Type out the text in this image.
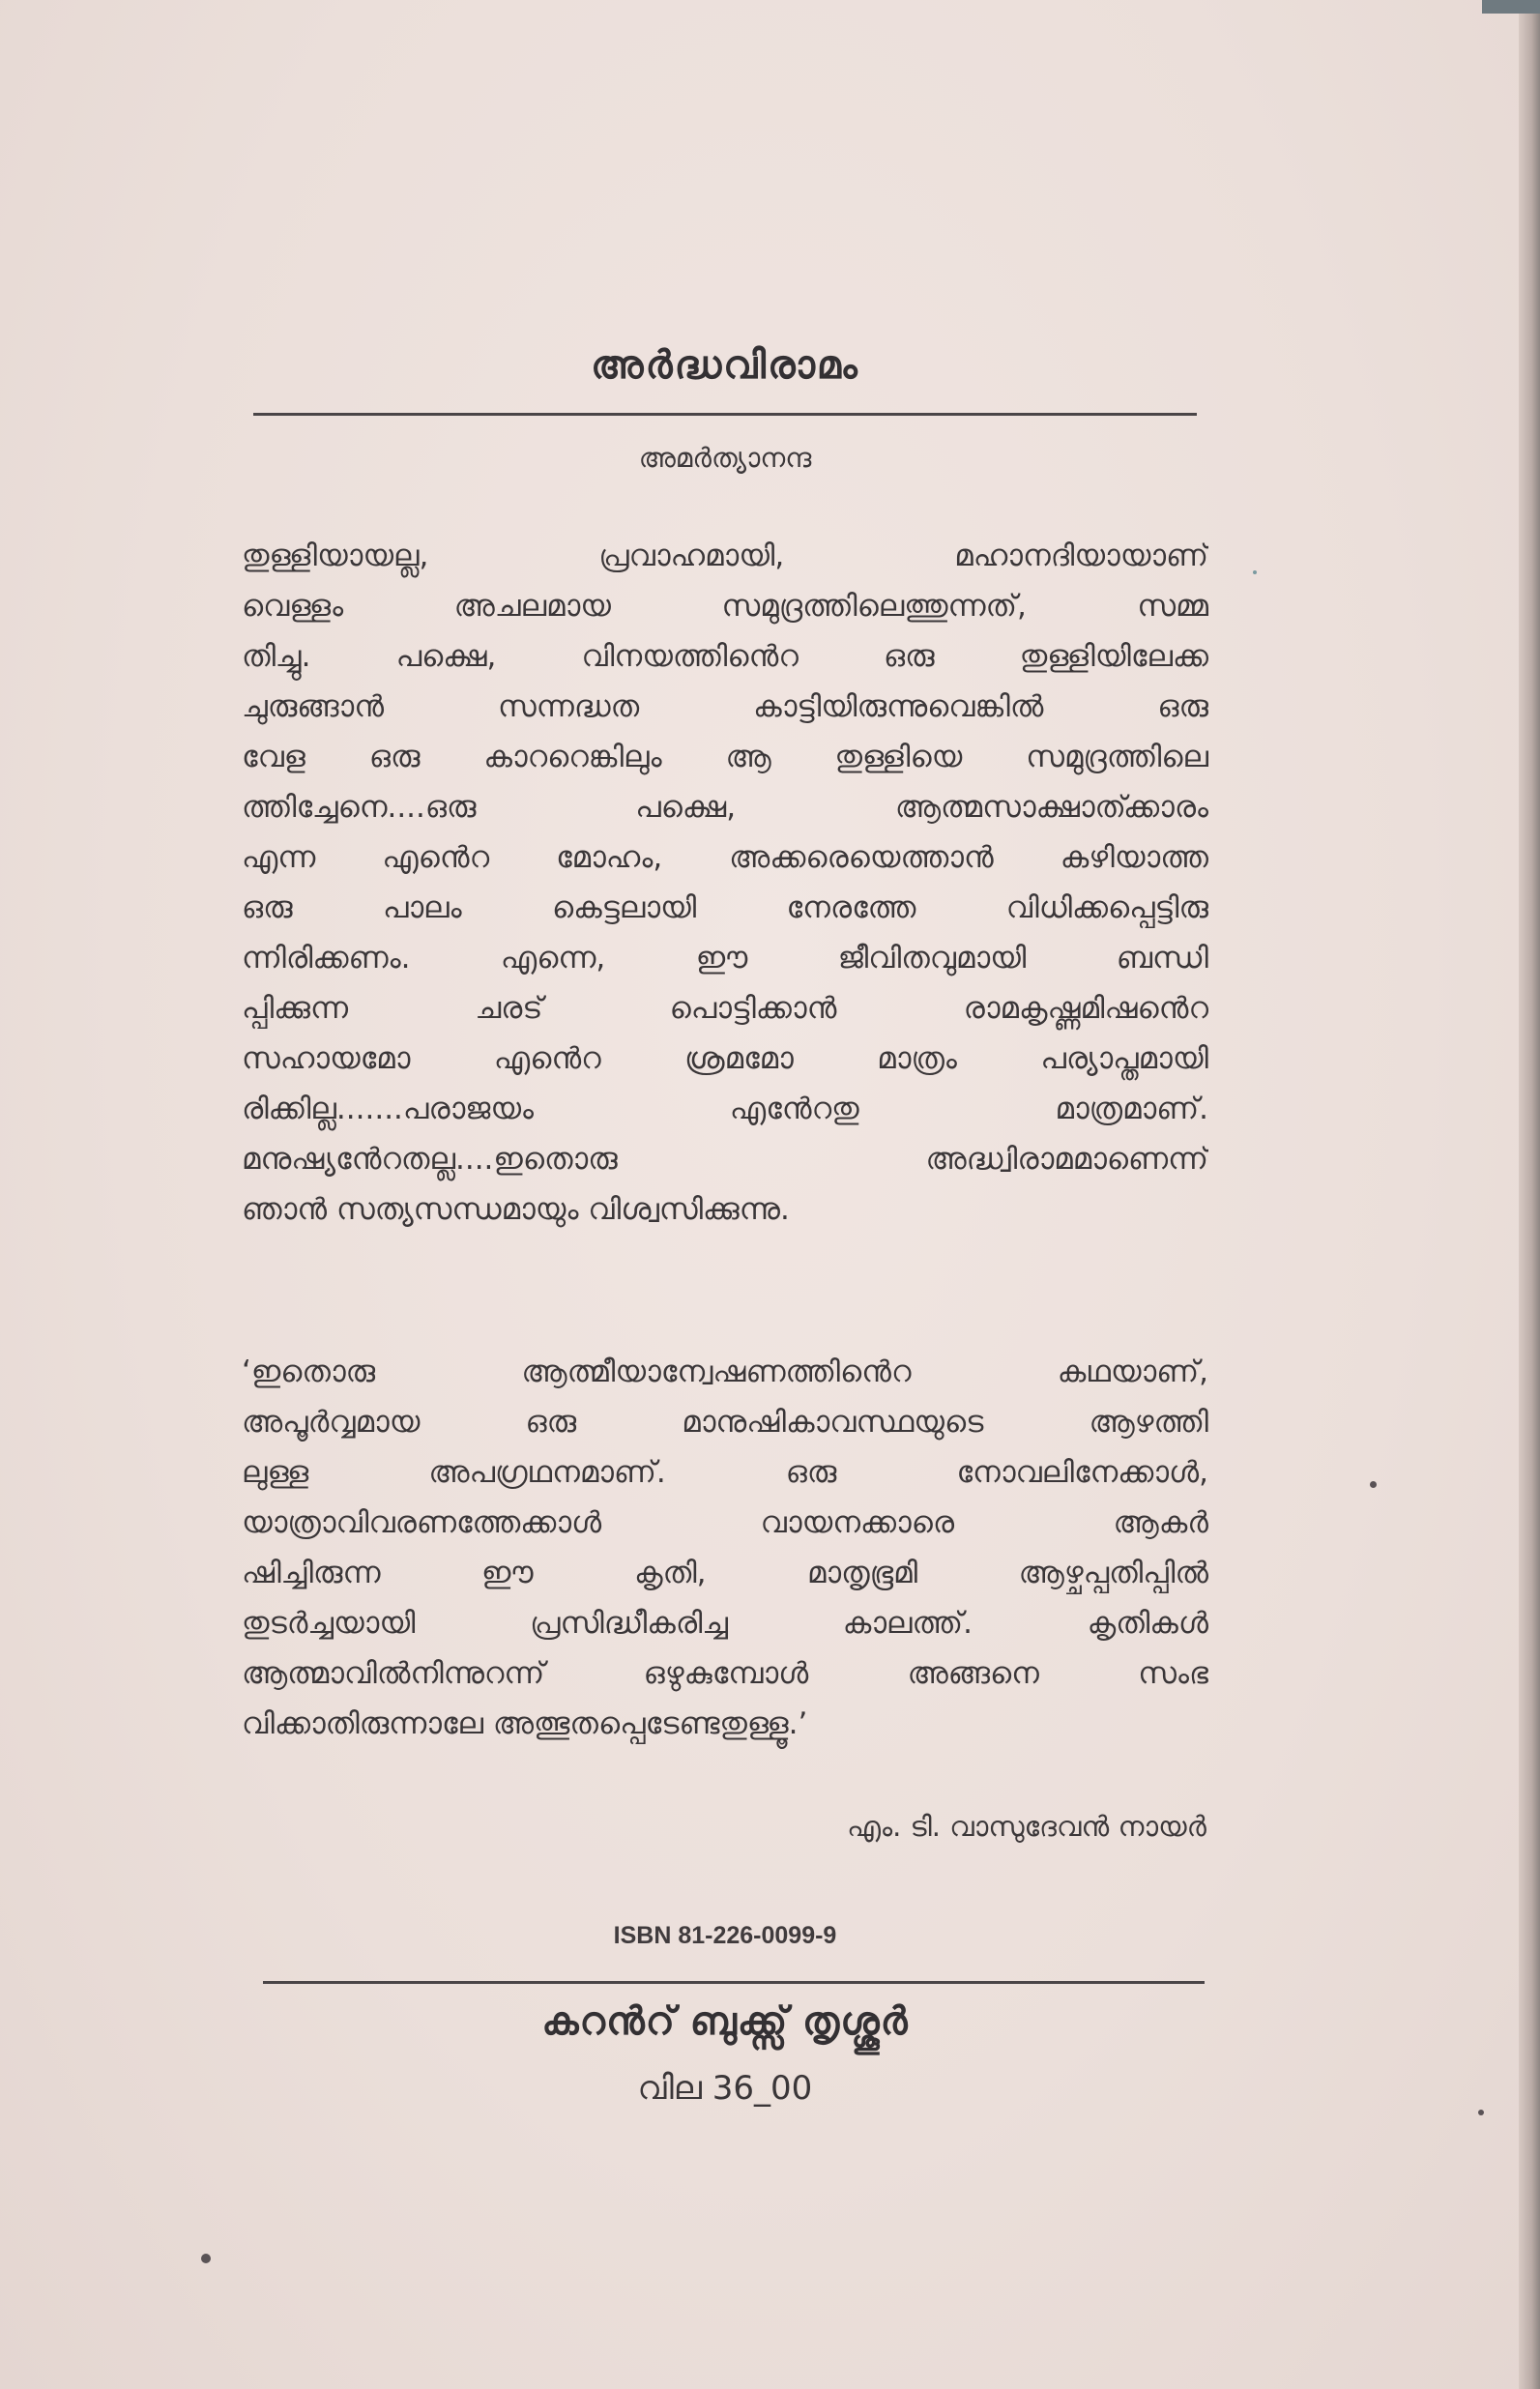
അർദ്ധവിരാമം
അമർത്യാനന്ദ
തുള്ളിയായല്ല, പ്രവാഹമായി, മഹാനദിയായാണ്
വെള്ളം അചലമായ സമുദ്രത്തിലെത്തുന്നത്, സമ്മ
തിച്ചു. പക്ഷെ, വിനയത്തിൻെറ ഒരു തുള്ളിയിലേക്ക
ചുരുങ്ങാൻ സന്നദ്ധത കാട്ടിയിരുന്നുവെങ്കിൽ ഒരു
വേള ഒരു കാററെങ്കിലും ആ തുള്ളിയെ സമുദ്രത്തിലെ
ത്തിച്ചേനെ....ഒരു പക്ഷെ, ആത്മസാക്ഷാത്ക്കാരം
എന്ന എൻെറ മോഹം, അക്കരെയെത്താൻ കഴിയാത്ത
ഒരു പാലം കെട്ടലായി നേരത്തേ വിധിക്കപ്പെട്ടിരു
ന്നിരിക്കണം. എന്നെ, ഈ ജീവിതവുമായി ബന്ധി
പ്പിക്കുന്ന ചരട് പൊട്ടിക്കാൻ രാമകൃഷ്ണമിഷൻെറ
സഹായമോ എൻെറ ശ്രമമോ മാത്രം പര്യാപ്തമായി
രിക്കില്ല.......പരാജയം എൻേറതു മാത്രമാണ്.
മനുഷ്യൻേറതല്ല....ഇതൊരു അദ്ധ്വിരാമമാണെന്ന്
ഞാൻ സത്യസന്ധമായും വിശ്വസിക്കുന്നു.
‘ഇതൊരു ആത്മീയാന്വേഷണത്തിൻെറ കഥയാണ്,
അപൂർവ്വമായ ഒരു മാനുഷികാവസ്ഥയുടെ ആഴത്തി
ലുള്ള അപഗ്രഥനമാണ്. ഒരു നോവലിനേക്കാൾ,
യാത്രാവിവരണത്തേക്കാൾ വായനക്കാരെ ആകർ
ഷിച്ചിരുന്ന ഈ കൃതി, മാതൃഭൂമി ആഴ്ചപ്പതിപ്പിൽ
തുടർച്ചയായി പ്രസിദ്ധീകരിച്ച കാലത്ത്. കൃതികൾ
ആത്മാവിൽനിന്നുറന്ന് ഒഴുകുമ്പോൾ അങ്ങനെ സംഭ
വിക്കാതിരുന്നാലേ അത്ഭുതപ്പെടേണ്ടതുള്ളൂ.’
എം. ടി. വാസുദേവൻ നായർ
ISBN 81-226-0099-9
കറൻറ് ബുക്ക്സ് തൃശ്ശൂർ
വില 36_00
